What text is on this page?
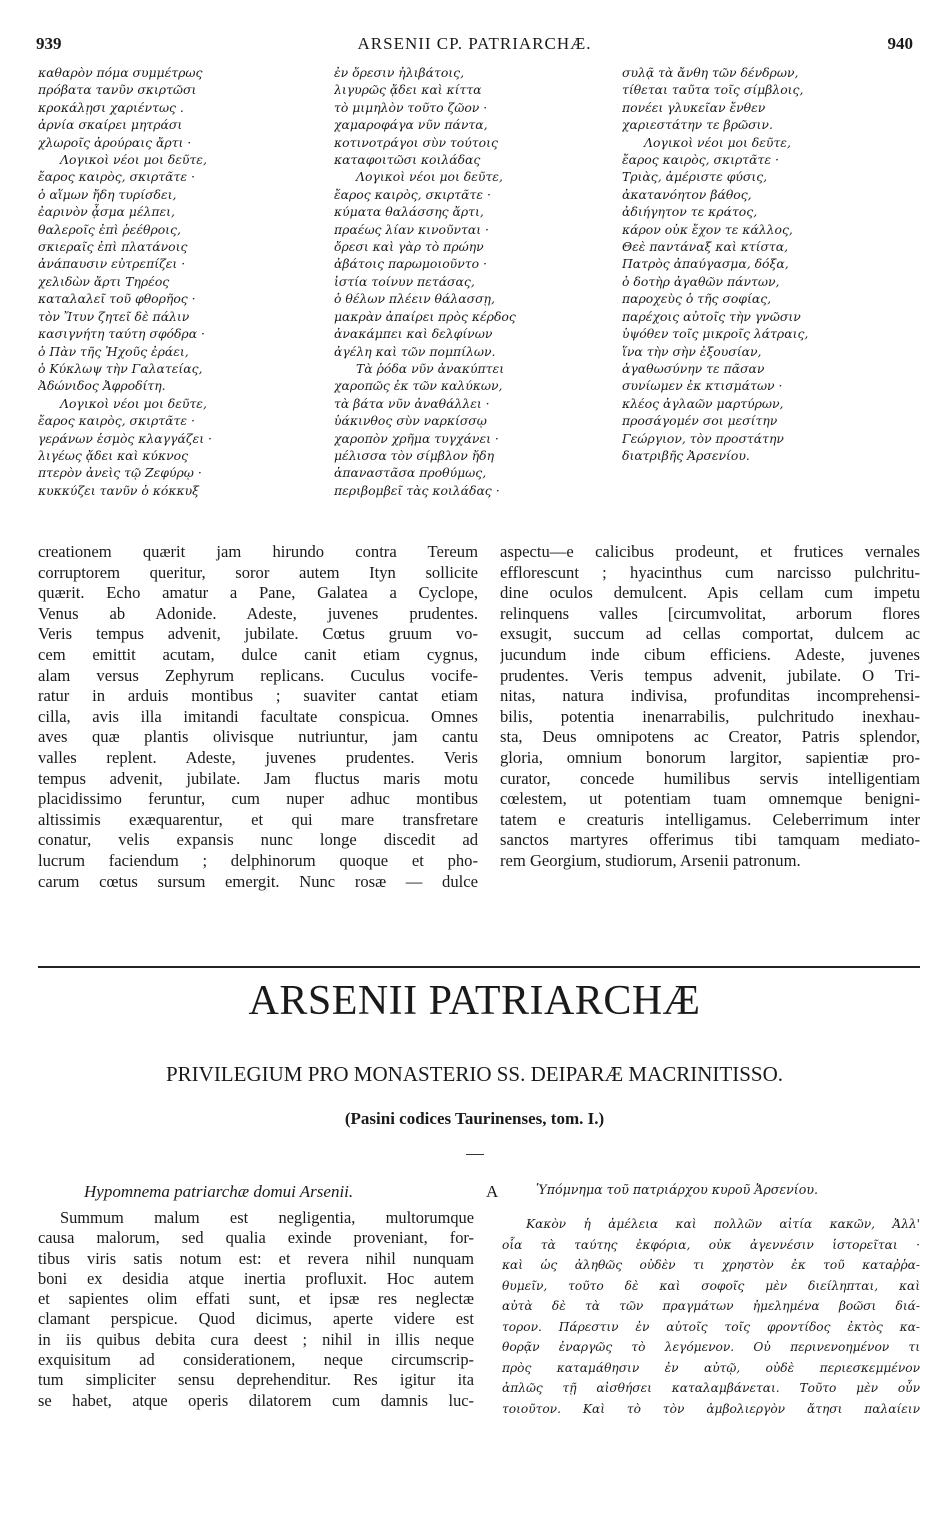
939	ARSENII CP. PATRIARCHÆ.	940
καθαρὸν πόμα συμμέτρως
πρόβατα τανῦν σκιρτῶσι
κροκάλῃσι χαριέντως .
ἀρνία σκαίρει μητράσι
χλωροῖς ἀρούραις ἄρτι ·
Λογικοὶ νέοι μοι δεῦτε,
ἔαρος καιρὸς, σκιρτᾶτε ·
ὁ αἵμων ἤδη τυρίσδει,
ἐαρινὸν ᾆσμα μέλπει,
θαλεροῖς ἐπὶ ῥεέθροις,
σκιεραῖς ἐπὶ πλατάνοις
ἀνάπαυσιν εὐτρεπίζει ·
χελιδὼν ἄρτι Τηρέος
καταλαλεῖ τοῦ φθορῆος ·
τὸν Ἴτυν ζητεῖ δὲ πάλιν
κασιγνήτη ταύτη σφόδρα ·
ὁ Πὰν τῆς Ἠχοῦς ἐράει,
ὁ Κύκλωψ τὴν Γαλατείας,
Ἀδώνιδος Ἀφροδίτη.
Λογικοὶ νέοι μοι δεῦτε,
ἔαρος καιρὸς, σκιρτᾶτε ·
γεράνων ἑσμὸς κλαγγάζει ·
λιγέως ᾄδει καὶ κύκνος
πτερὸν ἀνεὶς τῷ Ζεφύρῳ ·
κυκκύζει τανῦν ὁ κόκκυξ
ἐν ὄρεσιν ἠλιβάτοις,
λιγυρῶς ᾄδει καὶ κίττα
τὸ μιμηλὸν τοῦτο ζῶον ·
χαμαροφάγα νῦν πάντα,
κοτινοτράγοι σὺν τούτοις
καταφοιτῶσι κοιλάδας
Λογικοὶ νέοι μοι δεῦτε,
ἔαρος καιρὸς, σκιρτᾶτε ·
κύματα θαλάσσης ἄρτι,
πραέως λίαν κινοῦνται ·
ὄρεσι καὶ γὰρ τὸ πρώην
ἀβάτοις παρωμοιοῦντο ·
ἱστία τοίνυν πετάσας,
ὁ θέλων πλέειν θάλασσῃ,
μακρὰν ἀπαίρει πρὸς κέρδος
ἀνακάμπει καὶ δελφίνων
ἀγέλη καὶ τῶν πομπίλων.
Τὰ ῥόδα νῦν ἀνακύπτει
χαροπῶς ἐκ τῶν καλύκων,
τὰ βάτα νῦν ἀναθάλλει ·
ὑάκινθος σὺν ναρκίσσῳ
χαροπὸν χρῆμα τυγχάνει ·
μέλισσα τὸν σίμβλον ἤδη
ἀπαναστᾶσα προθύμως,
περιβομβεῖ τὰς κοιλάδας ·
συλᾷ τὰ ἄνθη τῶν δένδρων,
τίθεται ταῦτα τοῖς σίμβλοις,
πονέει γλυκεῖαν ἔνθεν
χαριεστάτην τε βρῶσιν.
Λογικοὶ νέοι μοι δεῦτε,
ἔαρος καιρὸς, σκιρτᾶτε ·
Τριὰς, ἀμέριστε φύσις,
ἀκατανόητον βάθος,
ἀδιήγητον τε κράτος,
κάρον οὐκ ἔχον τε κάλλος,
Θεὲ παντάναξ καὶ κτίστα,
Πατρὸς ἀπαύγασμα, δόξα,
ὁ δοτὴρ ἀγαθῶν πάντων,
παροχεὺς ὁ τῆς σοφίας,
παρέχοις αὐτοῖς τὴν γνῶσιν
ὑψόθεν τοῖς μικροῖς λάτραις,
ἵνα τὴν σὴν ἐξουσίαν,
ἀγαθωσύνην τε πᾶσαν
συνίωμεν ἐκ κτισμάτων ·
κλέος ἀγλαῶν μαρτύρων,
προσάγομέν σοι μεσίτην
Γεώργιον, τὸν προστάτην
διατριβῆς Ἀρσενίου.
creationem quærit jam hirundo contra Tereum
corruptorem queritur, soror autem Ityn sollicite
quærit. Echo amatur a Pane, Galatea a Cyclope,
Venus ab Adonide. Adeste, juvenes prudentes.
Veris tempus advenit, jubilate. Cœtus gruum vo-
cem emittit acutam, dulce canit etiam cygnus,
alam versus Zephyrum replicans. Cuculus vocife-
ratur in arduis montibus ; suaviter cantat etiam
cilla, avis illa imitandi facultate conspicua. Omnes
aves quæ plantis olivisque nutriuntur, jam cantu
valles replent. Adeste, juvenes prudentes. Veris
tempus advenit, jubilate. Jam fluctus maris motu
placidissimo feruntur, cum nuper adhuc montibus
altissimis exæquarentur, et qui mare transfretare
conatur, velis expansis nunc longe discedit ad
lucrum faciendum ; delphinorum quoque et pho-
carum cœtus sursum emergit. Nunc rosæ — dulce
aspectu—e calicibus prodeunt, et frutices vernales
efflorescunt ; hyacinthus cum narcisso pulchritu-
dine oculos demulcent. Apis cellam cum impetu
relinquens valles [circumvolitat, arborum flores
exsugit, succum ad cellas comportat, dulcem ac
jucundum inde cibum efficiens. Adeste, juvenes
prudentes. Veris tempus advenit, jubilate. O Tri-
nitas, natura indivisa, profunditas incomprehensi-
bilis, potentia inenarrabilis, pulchritudo inexhau-
sta, Deus omnipotens ac Creator, Patris splendor,
gloria, omnium bonorum largitor, sapientiæ pro-
curator, concede humilibus servis intelligentiam
cœlestem, ut potentiam tuam omnemque benigni-
tatem e creaturis intelligamus. Celeberrimum inter
sanctos martyres offerimus tibi tamquam mediato-
rem Georgium, studiorum, Arsenii patronum.
ARSENII PATRIARCHÆ
PRIVILEGIUM PRO MONASTERIO SS. DEIPARÆ MACRINITISSO.
(Pasini codices Taurinenses, tom. I.)
Hypomnema patriarchæ domui Arsenii.	A	Ὑπόμνημα τοῦ πατριάρχου κυροῦ Ἀρσενίου.
Summum malum est negligentia, multorumque
causa malorum, sed qualia exinde proveniant, for-
tibus viris satis notum est: et revera nihil nunquam
boni ex desidia atque inertia profluxit. Hoc autem
et sapientes olim effati sunt, et ipsæ res neglectæ
clamant perspicue. Quod dicimus, aperte videre est
in iis quibus debita cura deest ; nihil in illis neque
exquisitum ad considerationem, neque circumscrip-
tum simpliciter sensu deprehenditur. Res igitur ita
se habet, atque operis dilatorem cum damnis luc-
Κακὸν ἡ ἀμέλεια καὶ πολλῶν αἰτία κακῶν, Ἀλλ'
οἷα τὰ ταύτης ἐκφόρια, οὐκ ἀγεννέσιν ἱστορεῖται ·
καὶ ὡς ἀληθῶς οὐδὲν τι χρηστὸν ἐκ τοῦ καταῤῥα-
θυμεῖν, τοῦτο δὲ καὶ σοφοῖς μὲν διείληπται, καὶ
αὐτὰ δὲ τὰ τῶν πραγμάτων ἠμελημένα βοῶσι διά-
τορον. Πάρεστιν ἐν αὐτοῖς τοῖς φροντίδος ἐκτὸς κα-
θορᾷν ἐναργῶς τὸ λεγόμενον. Οὐ περινενοημένον τι
πρὸς καταμάθησιν ἐν αὐτῷ, οὐδὲ περιεσκεμμένον
ἁπλῶς τῇ αἰσθήσει καταλαμβάνεται. Τοῦτο μὲν οὖν
τοιοῦτον. Καὶ τὸ τὸν ἀμβολιεργὸν ἄτησι παλαίειν
